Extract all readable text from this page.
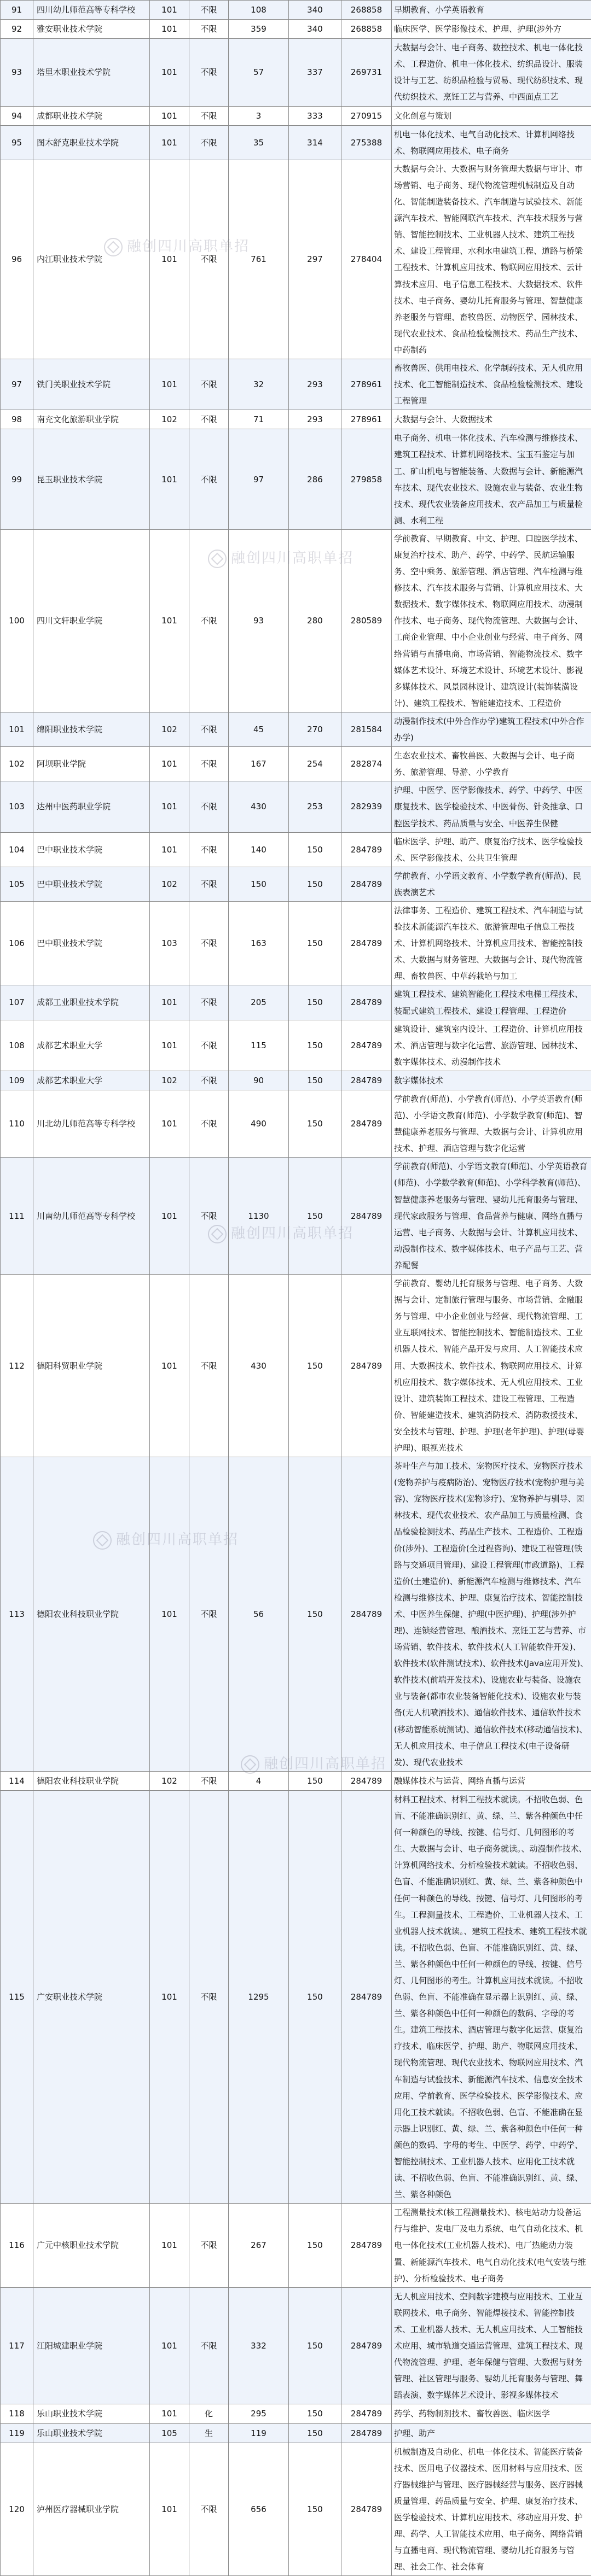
91	四川幼儿师范高等专科学校	101	不限	108	340	268858	早期教育、小学英语教育
92	雅安职业技术学院	101	不限	359	340	268858	临床医学、医学影像技术、护理、护理(涉外方
93	塔里木职业技术学院	101	不限	57	337	269731	大数据与会计、电子商务、数控技术、机电一体化技术、工程造价、机电一体化技术、纺织品设计、服装设计与工艺、纺织品检验与贸易、现代纺织技术、现代纺织技术、烹饪工艺与营养、中西面点工艺
94	成都职业技术学院	101	不限	3	333	270915	文化创意与策划
95	图木舒克职业技术学院	101	不限	35	314	275388	机电一体化技术、电气自动化技术、计算机网络技术、物联网应用技术、电子商务
96	内江职业技术学院	101	不限	761	297	278404	大数据与会计、大数据与财务管理大数据与审计、市场营销、电子商务、现代物流管理机械制造及自动化、智能制造装备技术、汽车制造与试验技术、新能源汽车技术、智能网联汽车技术、汽车技术服务与营销、智能控制技术、工业机器人技术、建筑工程技术、建设工程管理、水利水电建筑工程、道路与桥梁工程技术、计算机应用技术、物联网应用技术、云计算技术应用、电子信息工程技术、大数据技术、软件技术、电子商务、婴幼儿托育服务与管理、智慧健康养老服务与管理、畜牧兽医、动物医学、园林技术、现代农业技术、食品检验检测技术、药品生产技术、中药制药
97	铁门关职业技术学院	101	不限	32	293	278961	畜牧兽医、供用电技术、化学制药技术、无人机应用技术、化工智能制造技术、食品检验检测技术、建设工程管理
98	南充文化旅游职业学院	102	不限	71	293	278961	大数据与会计、大数据技术
99	昆玉职业技术学院	101	不限	97	286	279858	电子商务、机电一体化技术、汽车检测与维修技术、建筑工程技术、计算机网络技术、宝玉石鉴定与加工、矿山机电与智能装备、大数据与会计、新能源汽车技术、现代农业技术、设施农业与装备、农业生物技术、现代农业装备应用技术、农产品加工与质量检测、水利工程
100	四川文轩职业学院	101	不限	93	280	280589	学前教育、早期教育、中文、护理、口腔医学技术、康复治疗技术、助产、药学、中药学、民航运输服务、空中乘务、旅游管理、酒店管理、汽车检测与维修技术、汽车技术服务与营销、计算机应用技术、大数据技术、数字媒体技术、物联网应用技术、动漫制作技术、电子商务、现代物流管理、大数据与会计、工商企业管理、中小企业创业与经营、电子商务、网络营销与直播电商、市场营销、智能物流技术、数字媒体艺术设计、环境艺术设计、环境艺术设计、影视多媒体技术、风景园林设计、建筑设计(装饰装潢设计)、建筑工程技术、智能建造技术、工程造价
101	绵阳职业技术学院	102	不限	45	270	281584	动漫制作技术(中外合作办学)建筑工程技术(中外合作办学)
102	阿坝职业学院	101	不限	167	254	282874	生态农业技术、畜牧兽医、大数据与会计、电子商务、旅游管理、导游、小学教育
103	达州中医药职业学院	101	不限	430	253	282939	护理、中医学、医学影像技术、药学、中药学、中医康复技术、医学检验技术、中医骨伤、针灸推拿、口腔医学技术、药品质量与安全、中医养生保健
104	巴中职业技术学院	101	不限	140	150	284789	临床医学、护理、助产、康复治疗技术、医学检验技术、医学影像技术、公共卫生管理
105	巴中职业技术学院	102	不限	150	150	284789	学前教育、小学语文教育、小学数学教育(师范)、民族表演艺术
106	巴中职业技术学院	103	不限	163	150	284789	法律事务、工程造价、建筑工程技术、汽车制造与试验技术新能源汽车技术、旅游管理电子信息工程技术、计算机网络技术、计算机应用技术、智能控制技术、大数据与财务管理、大数据与会计、现代物流管理、畜牧兽医、中草药栽培与加工
107	成都工业职业技术学院	101	不限	205	150	284789	建筑工程技术、建筑智能化工程技术电梯工程技术、装配式建筑工程技术、建设工程管理、工程造价
108	成都艺术职业大学	101	不限	115	150	284789	建筑设计、建筑室内设计、工程造价、计算机应用技术、酒店管理与数字化运营、旅游管理、园林技术、数字媒体技术、动漫制作技术
109	成都艺术职业大学	102	不限	90	150	284789	数字媒体技术
110	川北幼儿师范高等专科学校	101	不限	490	150	284789	学前教育(师范)、小学教育(师范)、小学英语教育(师范)、小学语文教育(师范)、小学数学教育(师范)、智慧健康养老服务与管理、大数据与会计、计算机应用技术、护理、酒店管理与数字化运营
111	川南幼儿师范高等专科学校	101	不限	1130	150	284789	学前教育(师范)、小学语文教育(师范)、小学英语教育(师范)、小学数学教育(师范)、小学科学教育(师范)、智慧健康养老服务与管理、婴幼儿托育服务与管理、现代家政服务与管理、食品营养与健康、网络直播与运营、电子商务、大数据与会计、计算机应用技术、动漫制作技术、数字媒体技术、电子产品与工艺、营养配餐
112	德阳科贸职业学院	101	不限	430	150	284789	学前教育、婴幼儿托育服务与管理、电子商务、大数据与会计、定制旅行管理与服务、市场营销、金融服务与管理、中小企业创业与经营、现代物流管理、工业互联网技术、智能控制技术、智能制造技术、工业机器人技术、智能产品开发与应用、人工智能技术应用、大数据技术、软件技术、物联网应用技术、计算机应用技术、数字媒体技术、无人机应用技术、工业设计、建筑装饰工程技术、建设工程管理、工程造价、智能建造技术、建筑消防技术、消防救援技术、安全技术与管理、护理、护理(老年护理)、护理(母婴护理)、眼视光技术
113	德阳农业科技职业学院	101	不限	56	150	284789	茶叶生产与加工技术、宠物医疗技术、宠物医疗技术(宠物养护与疫病防治)、宠物医疗技术(宠物护理与美容)、宠物医疗技术(宠物诊疗)、宠物养护与驯导、园林技术、现代农业技术、农产品加工与质量检测、食品检验检测技术、药品生产技术、工程造价、工程造价(涉外)、工程造价(全过程咨询)、建设工程管理(铁路与交通项目管理)、建设工程管理(市政道路)、工程造价(土建造价)、新能源汽车检测与维修技术、汽车检测与维修技术、护理、康复治疗技术、智能控制技术、中医养生保健、护理(中医护理)、护理(涉外护理)、连锁经营管理、酿酒技术、烹饪工艺与营养、市场营销、软件技术、软件技术(人工智能软件开发)、软件技术(软件测试技术)、软件技术(Java应用开发)、软件技术(前端开发技术)、设施农业与装备、设施农业与装备(都市农业装备智能化技术)、设施农业与装备(无人机喷洒技术)、通信软件技术、通信软件技术(移动智能系统测试)、通信软件技术(移动通信技术)、无人机应用技术、电子信息工程技术(电子设备研发)、现代农业技术
114	德阳农业科技职业学院	102	不限	4	150	284789	融媒体技术与运营、网络直播与运营
115	广安职业技术学院	101	不限	1295	150	284789	材料工程技术、材料工程技术就读。不招收色弱、色盲、不能准确识别红、黄、绿、兰、紫各种颜色中任何一种颜色的导线、按键、信号灯、几何图形的考生、大数据与会计、电子商务就读。、动漫制作技术、计算机网络技术、分析检验技术就读。不招收色弱、色盲、不能准确识别红、黄、绿、兰、紫各种颜色中任何一种颜色的导线、按键、信号灯、几何图形的考生。工程测量技术、工程造价、工业机器人技术、工业机器人技术就读。、建筑工程技术、建筑工程技术就读。不招收色弱、色盲、不能准确识别红、黄、绿、兰、紫各种颜色中任何一种颜色的导线、按键、信号灯、几何图形的考生。计算机应用技术就读。不招收色弱、色盲、不能准确在显示器上识别红、黄、绿、兰、紫各种颜色中任何一种颜色的数码、字母的考生。建筑工程技术、酒店管理与数字化运营、康复治疗技术、临床医学、护理、助产、物联网应用技术、现代物流管理、现代农业技术、物联网应用技术、汽车制造与试验技术、新能源汽车技术、信息安全技术应用、学前教育、医学检验技术、医学影像技术、应用化工技术就读。不招收色弱、色盲、不能准确在显示器上识别红、黄、绿、兰、紫各种颜色中任何一种颜色的数码、字母的考生、中医学、药学、中药学、智能控制技术、工业机器人技术、应用化工技术就读、不招收色弱、色盲、不能准确识别红、黄、绿、兰、紫各种颜色
116	广元中核职业技术学院	101	不限	267	150	284789	工程测量技术(核工程测量技术)、核电站动力设备运行与维护、发电厂及电力系统、电气自动化技术、机电一体化技术(工业机器人技术)、电厂热能动力装置、新能源汽车技术、电气自动化技术(电气安装与维护)、分析检验技术、电子商务
117	江阳城建职业学院	101	不限	332	150	284789	无人机应用技术、空间数字建模与应用技术、工业互联网技术、电子商务、智能焊接技术、智能控制技术、工业机器人技术、无人机应用技术、人工智能技术应用、城市轨道交通运营管理、建筑工程技术、现代物流管理、护理、老年保健与管理、大数据与财务管理、社区管理与服务、婴幼儿托育服务与管理、舞蹈表演、数字媒体艺术设计、影视多媒体技术
118	乐山职业技术学院	101	化	295	150	284789	药学、药物制剂技术、畜牧兽医、临床医学
119	乐山职业技术学院	105	生	119	150	284789	护理、助产
120	泸州医疗器械职业学院	101	不限	656	150	284789	机械制造及自动化、机电一体化技术、智能医疗装备技术、医用电子仪器技术、医用材料与应用技术、医疗器械维护与管理、医疗器械经营与服务、医疗器械质量管理、药品质量与安全、护理、康复治疗技术、医学检验技术、计算机应用技术、移动应用开发、护理、药学、人工智能技术应用、电子商务、网络营销与直播电商、现代物流管理、婴幼儿托育服务与管理、社会工作、社会体育
融创四川高职单招
融创四川高职单招
融创四川高职单招
融创四川高职单招
融创四川高职单招
